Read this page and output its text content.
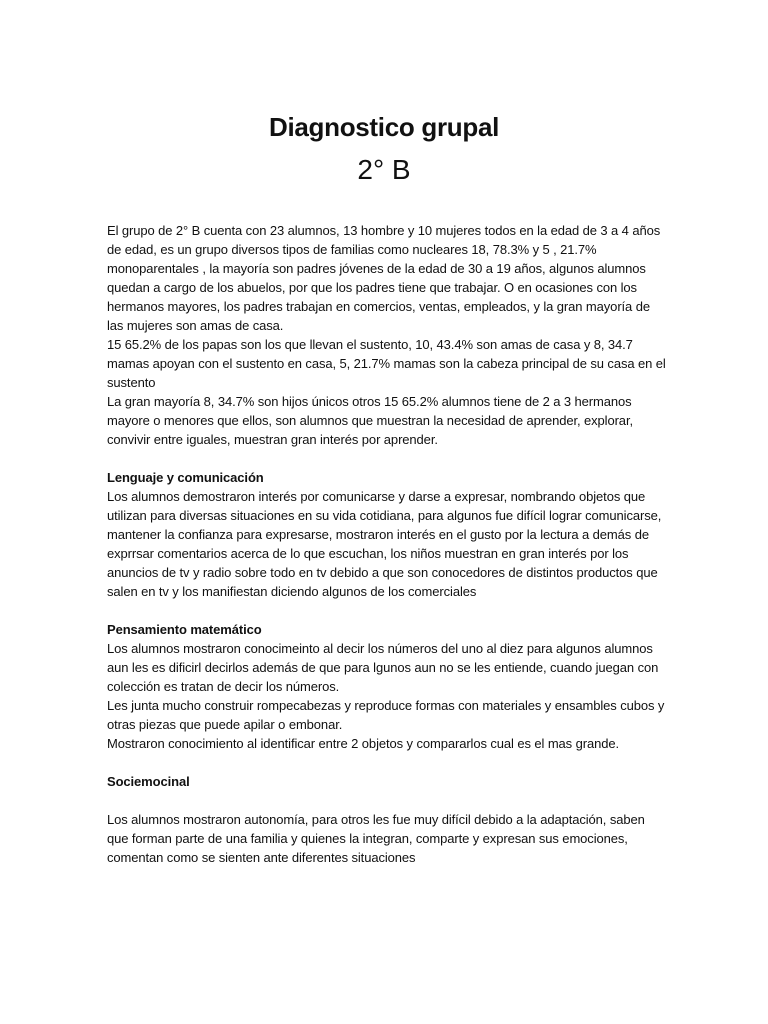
Diagnostico grupal
2° B

El grupo de 2° B cuenta con 23 alumnos, 13 hombre y 10 mujeres todos en la edad de 3 a 4 años de edad, es un grupo diversos tipos de familias como nucleares 18, 78.3% y 5 , 21.7% monoparentales , la mayoría son padres jóvenes de la edad de 30 a 19 años, algunos alumnos quedan a cargo de los abuelos, por que los padres tiene que trabajar. O en ocasiones con los hermanos mayores, los padres trabajan en comercios, ventas, empleados, y la gran mayoría de las mujeres son amas de casa.

15 65.2% de los papas son los que llevan el sustento, 10, 43.4% son amas de casa y 8, 34.7 mamas apoyan con el sustento en casa, 5, 21.7% mamas son la cabeza principal de su casa en el sustento

La gran mayoría 8, 34.7% son hijos únicos otros 15 65.2% alumnos tiene de 2 a 3 hermanos mayore o menores que ellos, son alumnos que muestran la necesidad de aprender, explorar, convivir entre iguales, muestran gran interés por aprender.

Lenguaje y comunicación

Los alumnos demostraron interés por comunicarse y darse a expresar, nombrando objetos que utilizan para diversas situaciones en su vida cotidiana, para algunos fue difícil lograr comunicarse, mantener la confianza para expresarse, mostraron interés en el gusto por la lectura a demás de exprrsar comentarios acerca de lo que escuchan, los niños muestran en gran interés por los anuncios de tv y radio sobre todo en tv debido a que son conocedores de distintos productos que salen en tv y los manifiestan diciendo algunos de los comerciales

Pensamiento matemático

Los alumnos mostraron conocimeinto al decir los números del uno al diez para algunos alumnos aun les es dificirl decirlos además de que para lgunos aun no se les entiende, cuando juegan con colección es tratan de decir los números.

Les junta mucho construir rompecabezas y reproduce formas con materiales y ensambles cubos y otras piezas que puede apilar o embonar.

Mostraron conocimiento al identificar entre 2 objetos y compararlos cual es el mas grande.

Sociemocinal

Los alumnos mostraron autonomía, para otros les fue muy difícil debido a la adaptación, saben que forman parte de una familia y quienes la integran, comparte y expresan sus emociones, comentan como se sienten ante diferentes situaciones
